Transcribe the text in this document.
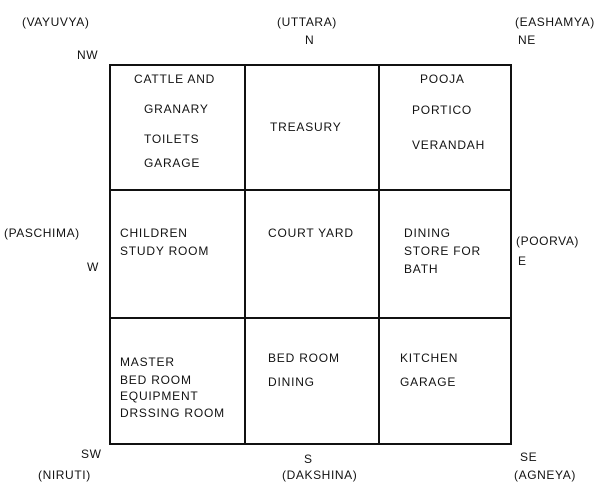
(VAYUVYA)
NW
(UTTARA)
N
(EASHAMYA)
NE
(PASCHIMA)
W
(POORVA)
E
SW
(NIRUTI)
S
(DAKSHINA)
SE
(AGNEYA)
CATTLE AND
GRANARY
TOILETS
GARAGE
TREASURY
POOJA
PORTICO
VERANDAH
CHILDREN
STUDY ROOM
COURT YARD	DINING
STORE FOR
BATH
MASTER
BED ROOM
EQUIPMENT
DRSSING ROOM
BED ROOM
DINING
KITCHEN
GARAGE
